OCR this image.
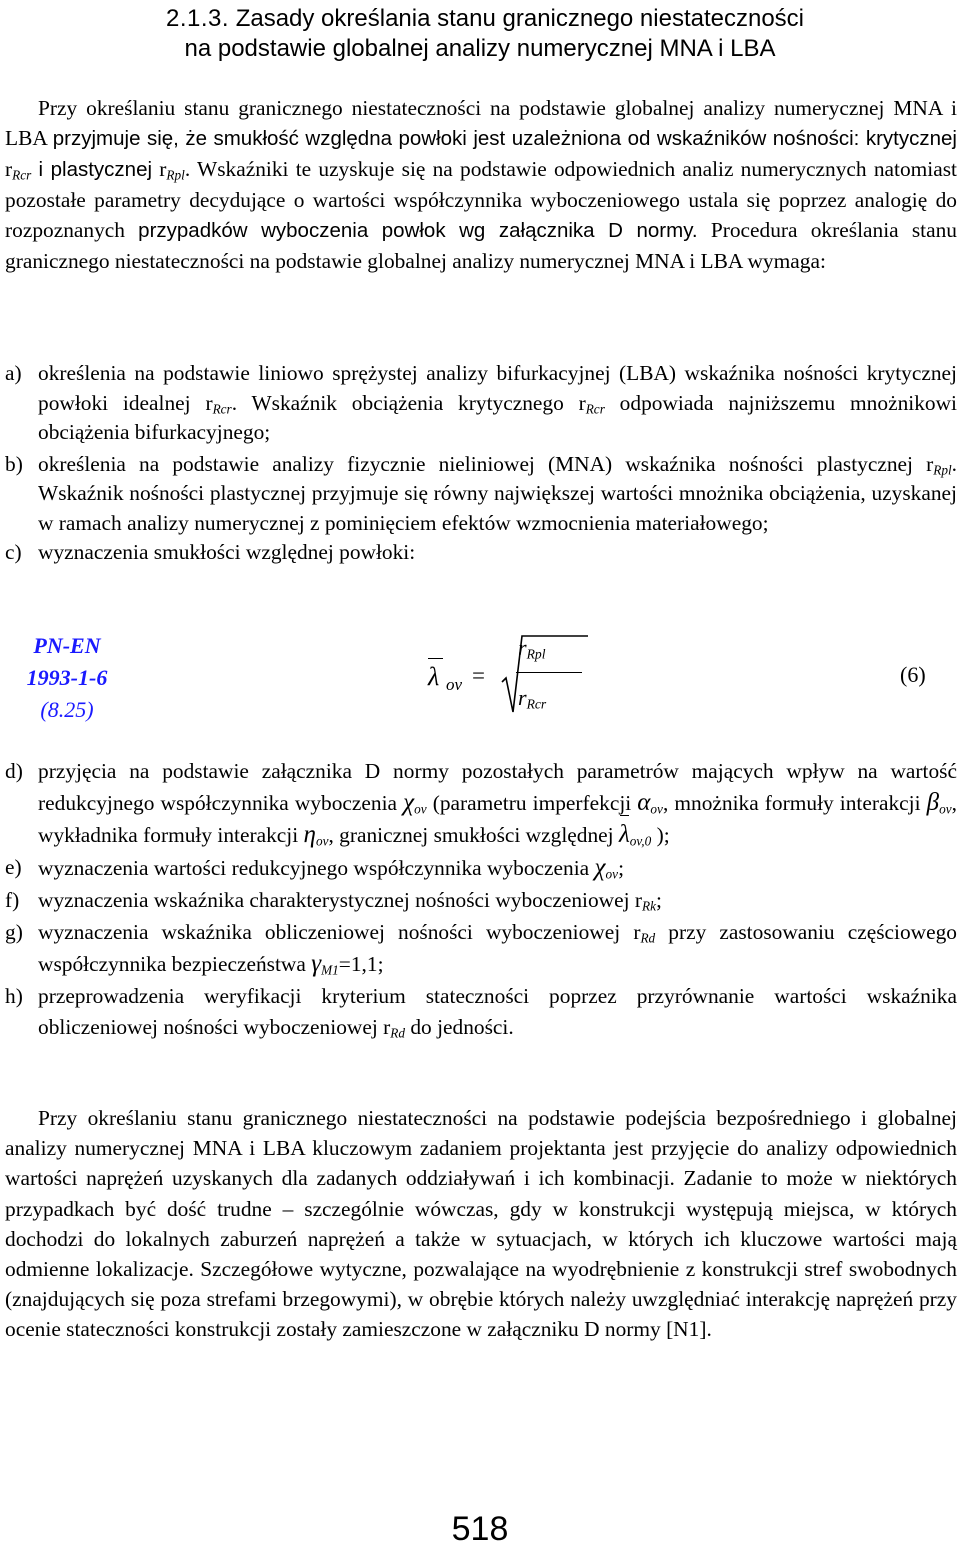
2.1.3. Zasady określania stanu granicznego niestateczności
na podstawie globalnej analizy numerycznej MNA i LBA
Przy określaniu stanu granicznego niestateczności na podstawie globalnej analizy numerycznej MNA i LBA przyjmuje się, że smukłość względna powłoki jest uzależniona od wskaźników nośności: krytycznej $r_{Rcr}$ i plastycznej $r_{Rpl}$. Wskaźniki te uzyskuje się na podstawie odpowiednich analiz numerycznych natomiast pozostałe parametry decydujące o wartości współczynnika wyboczeniowego ustala się poprzez analogię do rozpoznanych przypadków wyboczenia powłok wg załącznika D normy. Procedura określania stanu granicznego niestateczności na podstawie globalnej analizy numerycznej MNA i LBA wymaga:
a) określenia na podstawie liniowo sprężystej analizy bifurkacyjnej (LBA) wskaźnika nośności krytycznej powłoki idealnej $r_{Rcr}$. Wskaźnik obciążenia krytycznego $r_{Rcr}$ odpowiada najniższemu mnożnikowi obciążenia bifurkacyjnego;
b) określenia na podstawie analizy fizycznie nieliniowej (MNA) wskaźnika nośności plastycznej $r_{Rpl}$. Wskaźnik nośności plastycznej przyjmuje się równy największej wartości mnożnika obciążenia, uzyskanej w ramach analizy numerycznej z pominięciem efektów wzmocnienia materiałowego;
c) wyznaczenia smukłości względnej powłoki:
PN-EN
1993-1-6
(8.25)
λ ov =
$r_{Rpl}$
$r_{Rcr}$
(6)
d) przyjęcia na podstawie załącznika D normy pozostałych parametrów mających wpływ na wartość redukcyjnego współczynnika wyboczenia $\chi_{ov}$ (parametru imperfekcji $\alpha_{ov}$, mnożnika formuły interakcji $\beta_{ov}$, wykładnika formuły interakcji $\eta_{ov}$, granicznej smukłości względnej $\lambda_{ov,0}$ );
e) wyznaczenia wartości redukcyjnego współczynnika wyboczenia $\chi_{ov}$;
f) wyznaczenia wskaźnika charakterystycznej nośności wyboczeniowej $r_{Rk}$;
g) wyznaczenia wskaźnika obliczeniowej nośności wyboczeniowej $r_{Rd}$ przy zastosowaniu częściowego współczynnika bezpieczeństwa $\gamma_{M1}=1,1$;
h) przeprowadzenia weryfikacji kryterium stateczności poprzez przyrównanie wartości wskaźnika obliczeniowej nośności wyboczeniowej $r_{Rd}$ do jedności.
Przy określaniu stanu granicznego niestateczności na podstawie podejścia bezpośredniego i globalnej analizy numerycznej MNA i LBA kluczowym zadaniem projektanta jest przyjęcie do analizy odpowiednich wartości naprężeń uzyskanych dla zadanych oddziaływań i ich kombinacji. Zadanie to może w niektórych przypadkach być dość trudne – szczególnie wówczas, gdy w konstrukcji występują miejsca, w których dochodzi do lokalnych zaburzeń naprężeń a także w sytuacjach, w których ich kluczowe wartości mają odmienne lokalizacje. Szczegółowe wytyczne, pozwalające na wyodrębnienie z konstrukcji stref swobodnych (znajdujących się poza strefami brzegowymi), w obrębie których należy uwzględniać interakcję naprężeń przy ocenie stateczności konstrukcji zostały zamieszczone w załączniku D normy [N1].
518
